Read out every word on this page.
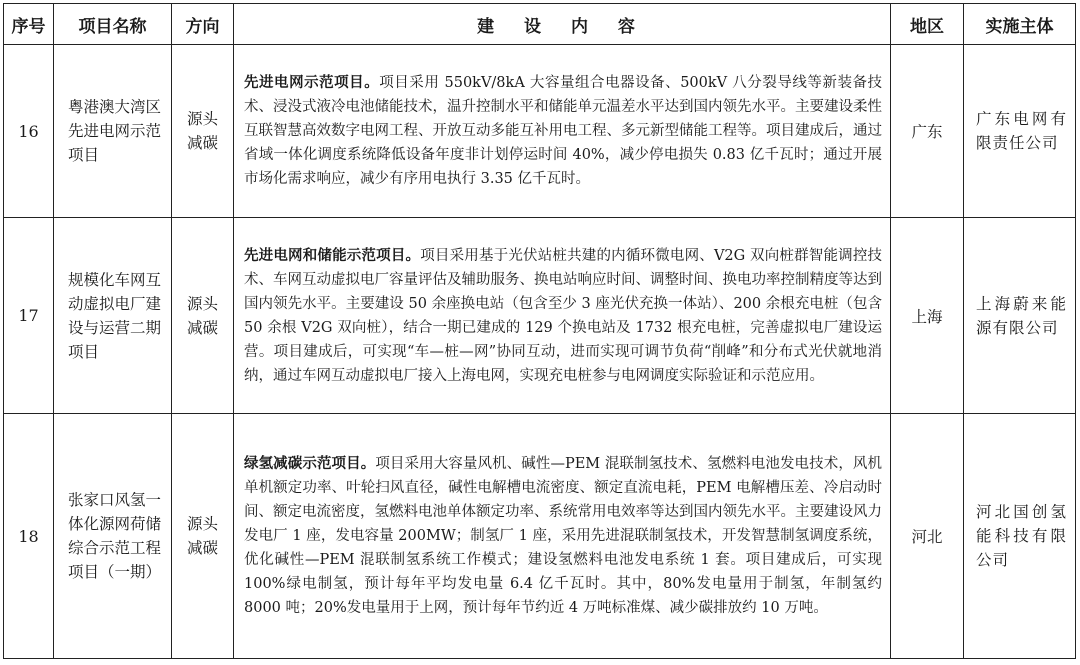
序号	项目名称	方向	建 设 内 容	地区	实施主体
16	粤港澳大湾区先进电网示范项目	源头减碳	先进电网示范项目。项目采用 550kV/8kA 大容量组合电器设备、500kV 八分裂导线等新装备技术、浸没式液冷电池储能技术，温升控制水平和储能单元温差水平达到国内领先水平。主要建设柔性互联智慧高效数字电网工程、开放互动多能互补用电工程、多元新型储能工程等。项目建成后，通过省域一体化调度系统降低设备年度非计划停运时间 40%，减少停电损失 0.83 亿千瓦时；通过开展市场化需求响应，减少有序用电执行 3.35 亿千瓦时。	广东	广东电网有限责任公司
17	规模化车网互动虚拟电厂建设与运营二期项目	源头减碳	先进电网和储能示范项目。项目采用基于光伏站桩共建的内循环微电网、V2G 双向桩群智能调控技术、车网互动虚拟电厂容量评估及辅助服务、换电站响应时间、调整时间、换电功率控制精度等达到国内领先水平。主要建设 50 余座换电站（包含至少 3 座光伏充换一体站）、200 余根充电桩（包含 50 余根 V2G 双向桩），结合一期已建成的 129 个换电站及 1732 根充电桩，完善虚拟电厂建设运营。项目建成后，可实现“车—桩—网”协同互动，进而实现可调节负荷“削峰”和分布式光伏就地消纳，通过车网互动虚拟电厂接入上海电网，实现充电桩参与电网调度实际验证和示范应用。	上海	上海蔚来能源有限公司
18	张家口风氢一体化源网荷储综合示范工程项目（一期）	源头减碳	绿氢减碳示范项目。项目采用大容量风机、碱性—PEM 混联制氢技术、氢燃料电池发电技术，风机单机额定功率、叶轮扫风直径，碱性电解槽电流密度、额定直流电耗，PEM 电解槽压差、冷启动时间、额定电流密度，氢燃料电池单体额定功率、系统常用电效率等达到国内领先水平。主要建设风力发电厂 1 座，发电容量 200MW；制氢厂 1 座，采用先进混联制氢技术，开发智慧制氢调度系统，优化碱性—PEM 混联制氢系统工作模式；建设氢燃料电池发电系统 1 套。项目建成后，可实现 100%绿电制氢，预计每年平均发电量 6.4 亿千瓦时。其中，80%发电量用于制氢，年制氢约 8000 吨；20%发电量用于上网，预计每年节约近 4 万吨标准煤、减少碳排放约 10 万吨。	河北	河北国创氢能科技有限公司
